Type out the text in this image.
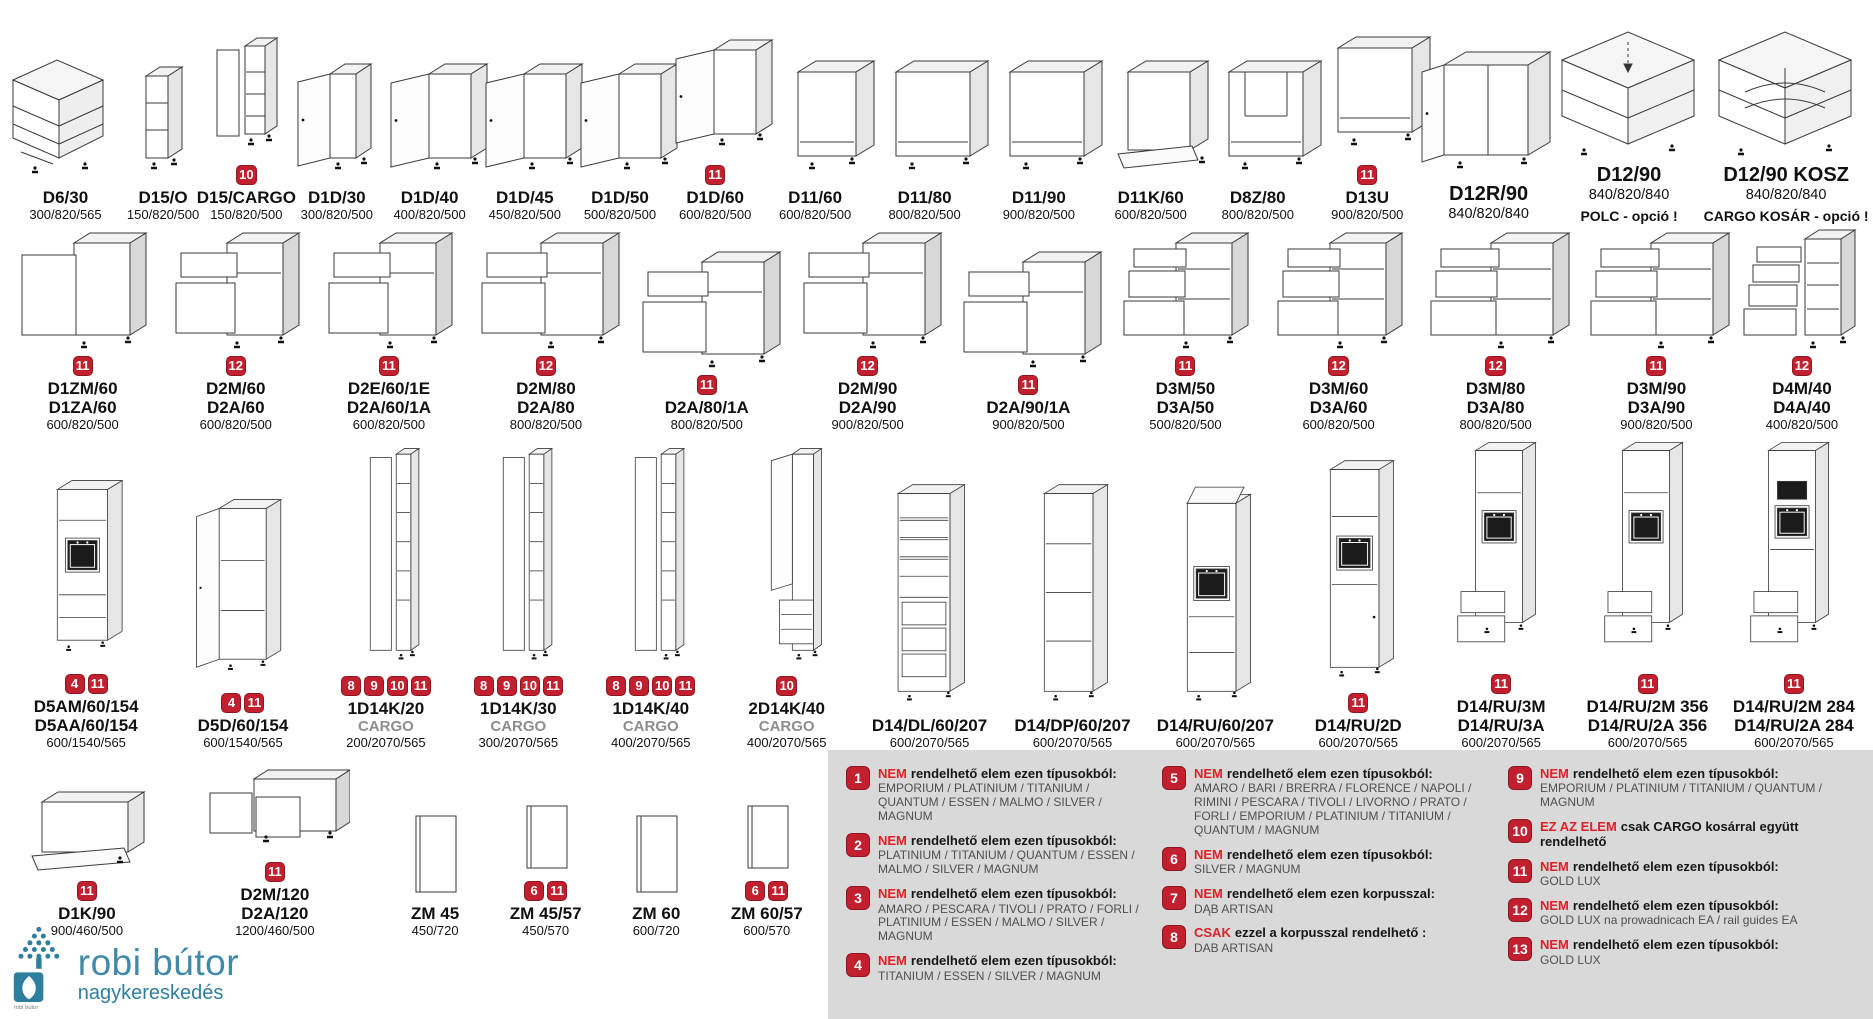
D6/30
300/820/565
D15/O
150/820/500
10
D15/CARGO
150/820/500
D1D/30
300/820/500
D1D/40
400/820/500
D1D/45
450/820/500
D1D/50
500/820/500
11
D1D/60
600/820/500
D11/60
600/820/500
D11/80
800/820/500
D11/90
900/820/500
D11K/60
600/820/500
D8Z/80
800/820/500
11
D13U
900/820/500
D12R/90
840/820/840
D12/90
840/820/840
POLC - opció !
D12/90 KOSZ
840/820/840
CARGO KOSÁR - opció !
11
D1ZM/60
D1ZA/60
600/820/500
12
D2M/60
D2A/60
600/820/500
11
D2E/60/1E
D2A/60/1A
600/820/500
12
D2M/80
D2A/80
800/820/500
11
D2A/80/1A
800/820/500
12
D2M/90
D2A/90
900/820/500
11
D2A/90/1A
900/820/500
11
D3M/50
D3A/50
500/820/500
12
D3M/60
D3A/60
600/820/500
12
D3M/80
D3A/80
800/820/500
11
D3M/90
D3A/90
900/820/500
12
D4M/40
D4A/40
400/820/500
4 11
D5AM/60/154
D5AA/60/154
600/1540/565
4 11
D5D/60/154
600/1540/565
8	9 10 11
1D14K/20
CARGO
200/2070/565
8	9 10 11
1D14K/30
CARGO
300/2070/565
8	9 10 11
1D14K/40
CARGO
400/2070/565
10
2D14K/40
CARGO
400/2070/565
D14/DL/60/207
600/2070/565
D14/DP/60/207
600/2070/565
D14/RU/60/207
600/2070/565
11
D14/RU/2D
600/2070/565
11
D14/RU/3M
D14/RU/3A
600/2070/565
11
D14/RU/2M 356
D14/RU/2A 356
600/2070/565
11
D14/RU/2M 284
D14/RU/2A 284
600/2070/565
11
D1K/90
900/460/500
11
D2M/120
D2A/120
1200/460/500
ZM 45
450/720
6 11
ZM 45/57
450/570
ZM 60
600/720
6 11
ZM 60/57
600/570
robi bútor
robi bútor
nagykereskedés
1	NEM rendelhető elem ezen típusokból:
EMPORIUM / PLATINIUM / TITANIUM / QUANTUM / ESSEN / MALMO / SILVER / MAGNUM
2	NEM rendelhető elem ezen típusokból:
PLATINIUM / TITANIUM / QUANTUM / ESSEN / MALMO / SILVER / MAGNUM
3	NEM rendelhető elem ezen típusokból:
AMARO / PESCARA / TIVOLI / PRATO / FORLI / PLATINIUM / ESSEN / MALMO / SILVER / MAGNUM
4	NEM rendelhető elem ezen típusokból:
TITANIUM / ESSEN / SILVER / MAGNUM
5	NEM rendelhető elem ezen típusokból:
AMARO / BARI / BRERRA / FLORENCE / NAPOLI / RIMINI / PESCARA / TIVOLI / LIVORNO / PRATO / FORLI / EMPORIUM / PLATINIUM / TITANIUM / QUANTUM / MAGNUM
6	NEM rendelhető elem ezen típusokból:
SILVER / MAGNUM
7	NEM rendelhető elem ezen korpusszal:
DĄB ARTISAN
8	CSAK ezzel a korpusszal rendelhető :
DAB ARTISAN
9	NEM rendelhető elem ezen típusokból:
EMPORIUM / PLATINIUM / TITANIUM / QUANTUM / MAGNUM
10 EZ AZ ELEM csak CARGO kosárral együtt rendelhető
11 NEM rendelhető elem ezen típusokból:
GOLD LUX
12 NEM rendelhető elem ezen típusokból:
GOLD LUX na prowadnicach EA / rail guides EA
13 NEM rendelhető elem ezen típusokból:
GOLD LUX
